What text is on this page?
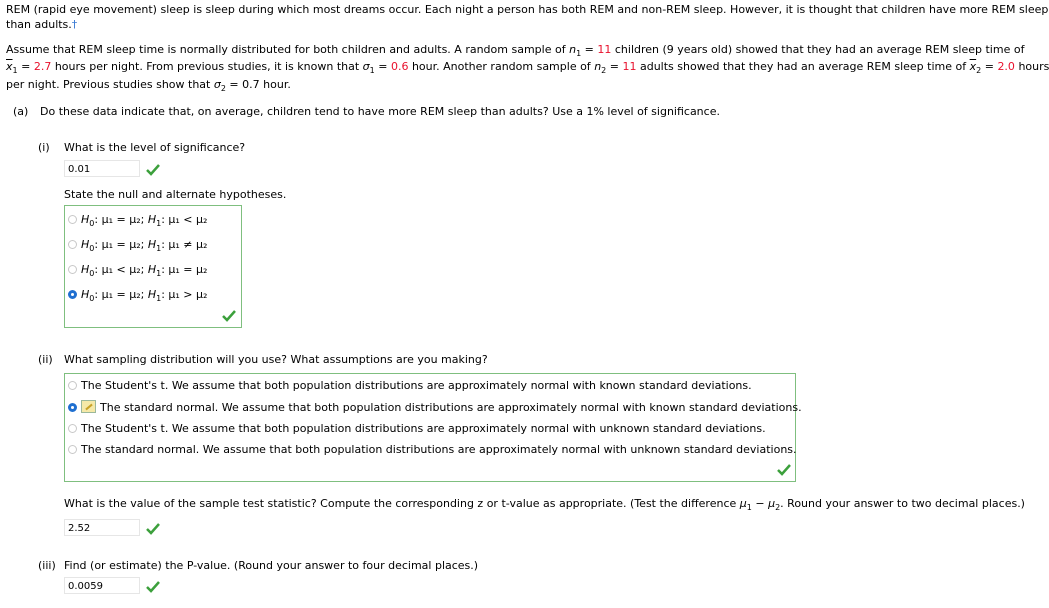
REM (rapid eye movement) sleep is sleep during which most dreams occur. Each night a person has both REM and non-REM sleep. However, it is thought that children have more REM sleep
than adults.†
Assume that REM sleep time is normally distributed for both children and adults. A random sample of $n_1 = 11$ children (9 years old) showed that they had an average REM sleep time of
$\overline{x}_1 = 2.7$ hours per night. From previous studies, it is known that $\sigma_1 = 0.6$ hour. Another random sample of $n_2 = 11$ adults showed that they had an average REM sleep time of $\overline{x}_2 = 2.0$ hours
per night. Previous studies show that $\sigma_2 = 0.7$ hour.
(a) Do these data indicate that, on average, children tend to have more REM sleep than adults? Use a 1% level of significance.
(i) What is the level of significance?
0.01
State the null and alternate hypotheses.
$H_0$: μ₁ = μ₂; $H_1$: μ₁ < μ₂
$H_0$: μ₁ = μ₂; $H_1$: μ₁ ≠ μ₂
$H_0$: μ₁ < μ₂; $H_1$: μ₁ = μ₂
$H_0$: μ₁ = μ₂; $H_1$: μ₁ > μ₂
(ii) What sampling distribution will you use? What assumptions are you making?
The Student's t. We assume that both population distributions are approximately normal with known standard deviations.
The standard normal. We assume that both population distributions are approximately normal with known standard deviations.
The Student's t. We assume that both population distributions are approximately normal with unknown standard deviations.
The standard normal. We assume that both population distributions are approximately normal with unknown standard deviations.
What is the value of the sample test statistic? Compute the corresponding z or t-value as appropriate. (Test the difference $\mu_1 - \mu_2$. Round your answer to two decimal places.)
2.52
(iii) Find (or estimate) the P-value. (Round your answer to four decimal places.)
0.0059
